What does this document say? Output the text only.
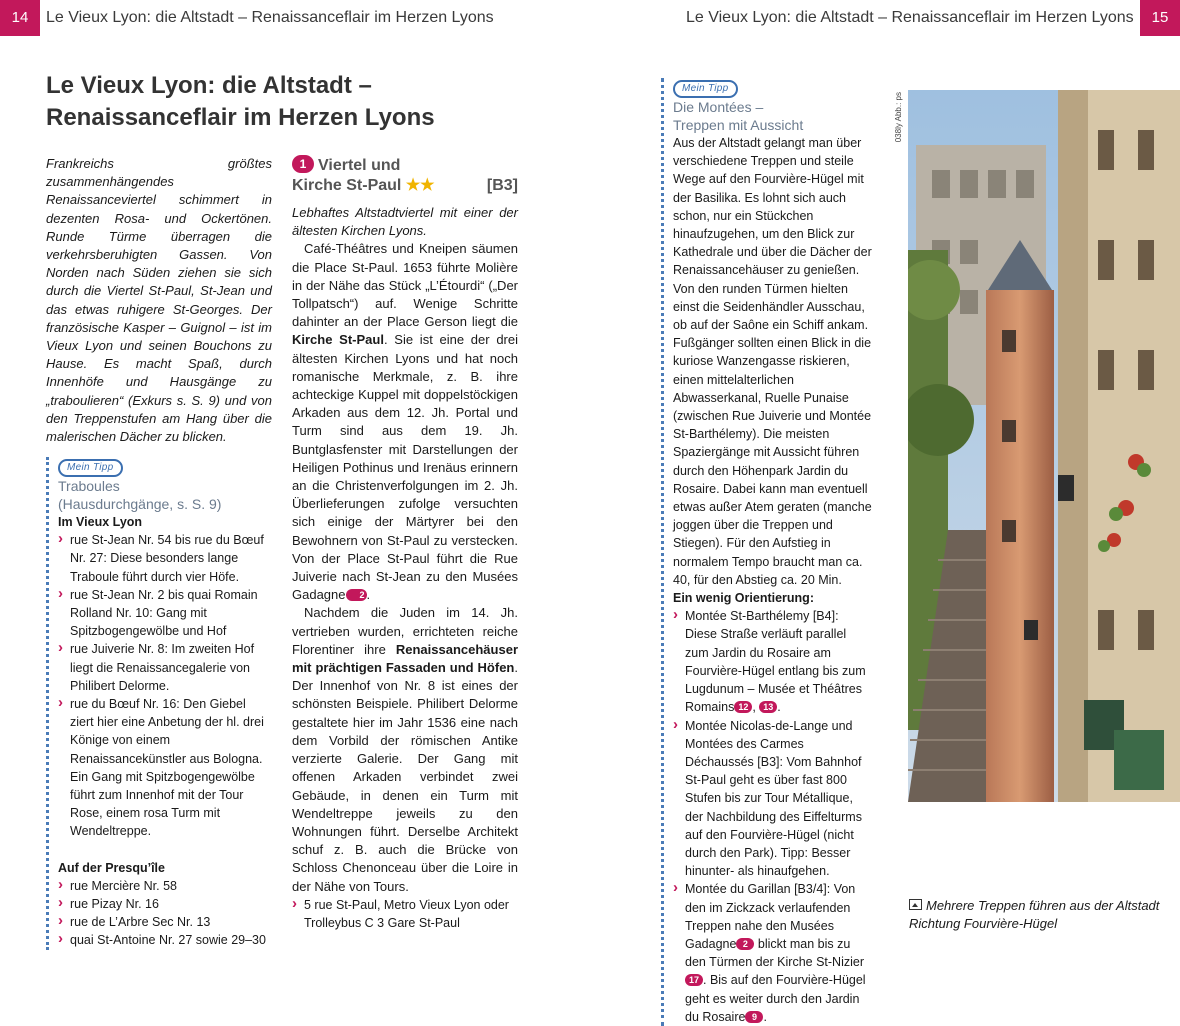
14	Le Vieux Lyon: die Altstadt – Renaissanceflair im Herzen Lyons
Le Vieux Lyon: die Altstadt –
Renaissanceflair im Herzen Lyons
Frankreichs größtes zusammenhängendes Renaissanceviertel schimmert in dezenten Rosa- und Ockertönen. Runde Türme überragen die verkehrsberuhigten Gassen. Von Norden nach Süden ziehen sie sich durch die Viertel St-Paul, St-Jean und das etwas ruhigere St-Georges. Der französische Kasper – Guignol – ist im Vieux Lyon und seinen Bouchons zu Hause. Es macht Spaß, durch Innenhöfe und Hausgänge zu „traboulieren“ (Exkurs s. S. 9) und von den Treppenstufen am Hang über die malerischen Dächer zu blicken.
Mein Tipp
Traboules
(Hausdurchgänge, s. S. 9)
Im Vieux Lyon
› rue St-Jean Nr. 54 bis rue du Bœuf Nr. 27: Diese besonders lange Traboule führt durch vier Höfe.
› rue St-Jean Nr. 2 bis quai Romain Rolland Nr. 10: Gang mit Spitzbogengewölbe und Hof
› rue Juiverie Nr. 8: Im zweiten Hof liegt die Renaissancegalerie von Philibert Delorme.
› rue du Bœuf Nr. 16: Den Giebel ziert hier eine Anbetung der hl. drei Könige von einem Renaissancekünstler aus Bologna. Ein Gang mit Spitzbogengewölbe führt zum Innenhof mit der Tour Rose, einem rosa Turm mit Wendeltreppe.
Auf der Presqu’île
› rue Mercière Nr. 58
› rue Pizay Nr. 16
› rue de L’Arbre Sec Nr. 13
› quai St-Antoine Nr. 27 sowie 29–30
1 Viertel und
Kirche St-Paul ★★	[B3]

Lebhaftes Altstadtviertel mit einer der ältesten Kirchen Lyons.

Café-Théâtres und Kneipen säumen die Place St-Paul. 1653 führte Molière in der Nähe das Stück „L’Étourdi“ („Der Tollpatsch“) auf. Wenige Schritte dahinter an der Place Gerson liegt die Kirche St-Paul. Sie ist eine der drei ältesten Kirchen Lyons und hat noch romanische Merkmale, z. B. ihre achteckige Kuppel mit doppelstöckigen Arkaden aus dem 12. Jh. Portal und Turm sind aus dem 19. Jh. Buntglasfenster mit Darstellungen der Heiligen Pothinus und Irenäus erinnern an die Christenverfolgungen im 2. Jh. Überlieferungen zufolge versuchten sich einige der Märtyrer bei den Bewohnern von St-Paul zu verstecken. Von der Place St-Paul führt die Rue Juiverie nach St-Jean zu den Musées Gadagne 2 .

Nachdem die Juden im 14. Jh. vertrieben wurden, errichteten reiche Florentiner ihre Renaissancehäuser mit prächtigen Fassaden und Höfen. Der Innenhof von Nr. 8 ist eines der schönsten Beispiele. Philibert Delorme gestaltete hier im Jahr 1536 eine nach dem Vorbild der römischen Antike verzierte Galerie. Der Gang mit offenen Arkaden verbindet zwei Gebäude, in denen ein Turm mit Wendeltreppe jeweils zu den Wohnungen führt. Derselbe Architekt schuf z. B. auch die Brücke von Schloss Chenonceau über die Loire in der Nähe von Tours.

› 5 rue St-Paul, Metro Vieux Lyon oder Trolleybus C 3 Gare St-Paul
15
Le Vieux Lyon: die Altstadt – Renaissanceflair im Herzen Lyons
Mein Tipp
Die Montées –
Treppen mit Aussicht
Aus der Altstadt gelangt man über verschiedene Treppen und steile Wege auf den Fourvière-Hügel mit der Basilika. Es lohnt sich auch schon, nur ein Stückchen hinaufzugehen, um den Blick zur Kathedrale und über die Dächer der Renaissancehäuser zu genießen. Von den runden Türmen hielten einst die Seidenhändler Ausschau, ob auf der Saône ein Schiff ankam. Fußgänger sollten einen Blick in die kuriose Wanzengasse riskieren, einen mittelalterlichen Abwasserkanal, Ruelle Punaise (zwischen Rue Juiverie und Montée St-Barthélemy). Die meisten Spaziergänge mit Aussicht führen durch den Höhenpark Jardin du Rosaire. Dabei kann man eventuell etwas außer Atem geraten (manche joggen über die Treppen und Stiegen). Für den Aufstieg in normalem Tempo braucht man ca. 40, für den Abstieg ca. 20 Min.
Ein wenig Orientierung:
› Montée St-Barthélemy [B4]: Diese Straße verläuft parallel zum Jardin du Rosaire am Fourvière-Hügel entlang bis zum Lugdunum – Musée et Théâtres Romains 12 , 13 .
› Montée Nicolas-de-Lange und Montées des Carmes Déchaussés [B3]: Vom Bahnhof St-Paul geht es über fast 800 Stufen bis zur Tour Métallique, der Nachbildung des Eiffelturms auf den Fourvière-Hügel (nicht durch den Park). Tipp: Besser hinunter- als hinaufgehen.
› Montée du Garillan [B3/4]: Von den im Zickzack verlaufenden Treppen nahe den Musées Gadagne 2 blickt man bis zu den Türmen der Kirche St-Nizier17 . Bis auf den Fourvière-Hügel geht es weiter durch den Jardin du Rosaire 9 .
038ly Abb.: ps
Mehrere Treppen führen aus der Altstadt Richtung Fourvière-Hügel
